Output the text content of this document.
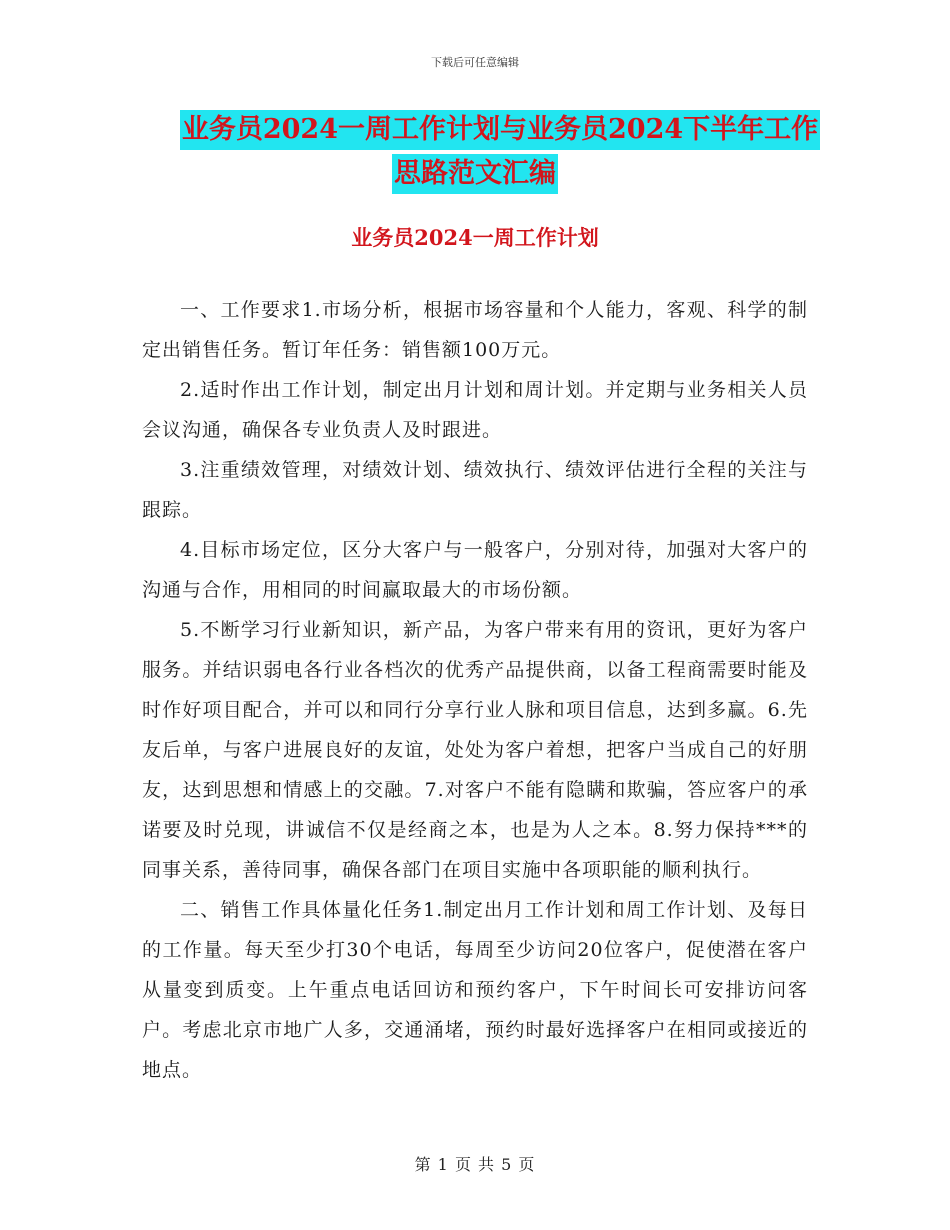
下载后可任意编辑
业务员2024一周工作计划与业务员2024下半年工作
思路范文汇编
业务员2024一周工作计划

一、工作要求1.市场分析，根据市场容量和个人能力，客观、科学的制定出销售任务。暂订年任务：销售额100万元。

2.适时作出工作计划，制定出月计划和周计划。并定期与业务相关人员会议沟通，确保各专业负责人及时跟进。

3.注重绩效管理，对绩效计划、绩效执行、绩效评估进行全程的关注与跟踪。

4.目标市场定位，区分大客户与一般客户，分别对待，加强对大客户的沟通与合作，用相同的时间赢取最大的市场份额。

5.不断学习行业新知识，新产品，为客户带来有用的资讯，更好为客户服务。并结识弱电各行业各档次的优秀产品提供商，以备工程商需要时能及时作好项目配合，并可以和同行分享行业人脉和项目信息，达到多赢。6.先友后单，与客户进展良好的友谊，处处为客户着想，把客户当成自己的好朋友，达到思想和情感上的交融。7.对客户不能有隐瞒和欺骗，答应客户的承诺要及时兑现，讲诚信不仅是经商之本，也是为人之本。8.努力保持***的同事关系，善待同事，确保各部门在项目实施中各项职能的顺利执行。

二、销售工作具体量化任务1.制定出月工作计划和周工作计划、及每日的工作量。每天至少打30个电话，每周至少访问20位客户，促使潜在客户从量变到质变。上午重点电话回访和预约客户，下午时间长可安排访问客户。考虑北京市地广人多，交通涌堵，预约时最好选择客户在相同或接近的地点。

第 1 页 共 5 页
